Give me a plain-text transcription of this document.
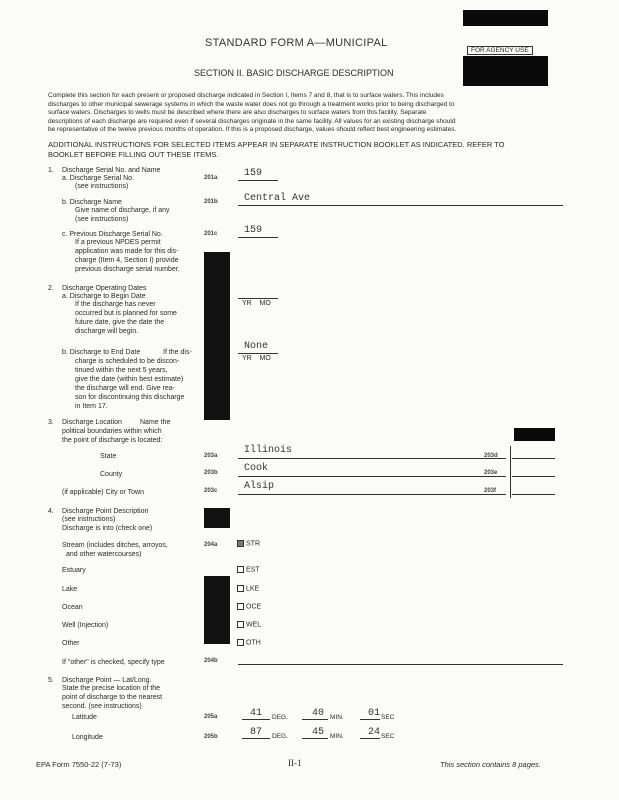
STANDARD FORM A—MUNICIPAL
FOR AGENCY USE
SECTION II. BASIC DISCHARGE DESCRIPTION
Complete this section for each present or proposed discharge indicated in Section I, Items 7 and 8, that is to surface waters. This includes
discharges to other municipal sewerage systems in which the waste water does not go through a treatment works prior to being discharged to
surface waters. Discharges to wells must be described where there are also discharges to surface waters from this facility. Separate
descriptions of each discharge are required even if several discharges originate in the same facility. All values for an existing discharge should
be representative of the twelve previous months of operation. If this is a proposed discharge, values should reflect best engineering estimates.
ADDITIONAL INSTRUCTIONS FOR SELECTED ITEMS APPEAR IN SEPARATE INSTRUCTION BOOKLET AS INDICATED. REFER TO
BOOKLET BEFORE FILLING OUT THESE ITEMS.
1. Discharge Serial No. and Name
a. Discharge Serial No.
(see instructions)
201a	159
b. Discharge Name
Give name of discharge, if any
(see instructions)
201b	Central Ave
c. Previous Discharge Serial No.
If a previous NPDES permit
application was made for this dis-
charge (Item 4, Section I) provide
previous discharge serial number.
201c	159
2. Discharge Operating Dates
a. Discharge to Begin Date
If the discharge has never
occurred but is planned for some
future date, give the date the
discharge will begin.
YR    MO
b. Discharge to End Date	If the dis-
charge is scheduled to be discon-
tinued within the next 5 years,
give the date (within best estimate)
the discharge will end. Give rea-
son for discontinuing this discharge
in Item 17.
None
YR    MO
3. Discharge Location	Name the
political boundaries within which
the point of discharge is located:
State	203a	Illinois	203d
County	203b	Cook	203e
(if applicable) City or Town	203c	Alsip	203f
4. Discharge Point Description
(see instructions)
Discharge is into (check one)
Stream (includes ditches, arroyos,
and other watercourses)
204a	STR
Estuary	EST
Lake	LKE
Ocean	OCE
Well (Injection)	WEL
Other	OTH
If "other" is checked, specify type	204b
5. Discharge Point — Lat/Long.
State the precise location of the
point of discharge to the nearest
second. (see instructions)
Latitude	205a	41 DEG. 40 MIN. 01 SEC
Longitude	205b	87 DEG. 45 MIN. 24 SEC
EPA Form 7550-22 (7-73)	II-1	This section contains 8 pages.
